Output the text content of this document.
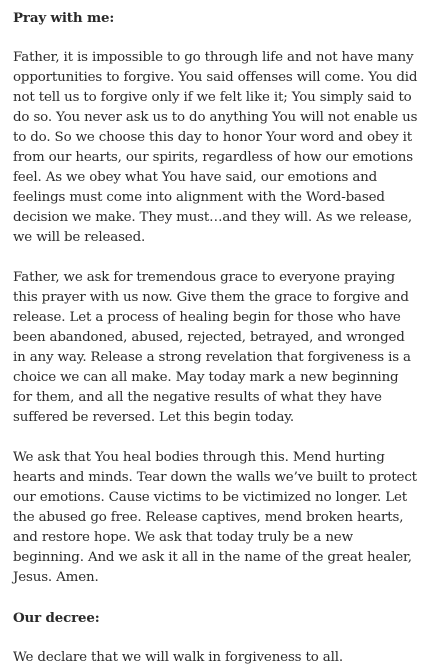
Pray with me:

Father, it is impossible to go through life and not have many opportunities to forgive. You said offenses will come. You did not tell us to forgive only if we felt like it; You simply said to do so. You never ask us to do anything You will not enable us to do. So we choose this day to honor Your word and obey it from our hearts, our spirits, regardless of how our emotions feel. As we obey what You have said, our emotions and feelings must come into alignment with the Word-based decision we make. They must…and they will. As we release, we will be released.

Father, we ask for tremendous grace to everyone praying this prayer with us now. Give them the grace to forgive and release. Let a process of healing begin for those who have been abandoned, abused, rejected, betrayed, and wronged in any way. Release a strong revelation that forgiveness is a choice we can all make. May today mark a new beginning for them, and all the negative results of what they have suffered be reversed. Let this begin today.

We ask that You heal bodies through this. Mend hurting hearts and minds. Tear down the walls we’ve built to protect our emotions. Cause victims to be victimized no longer. Let the abused go free. Release captives, mend broken hearts, and restore hope. We ask that today truly be a new beginning. And we ask it all in the name of the great healer, Jesus. Amen.

Our decree:

We declare that we will walk in forgiveness to all.
